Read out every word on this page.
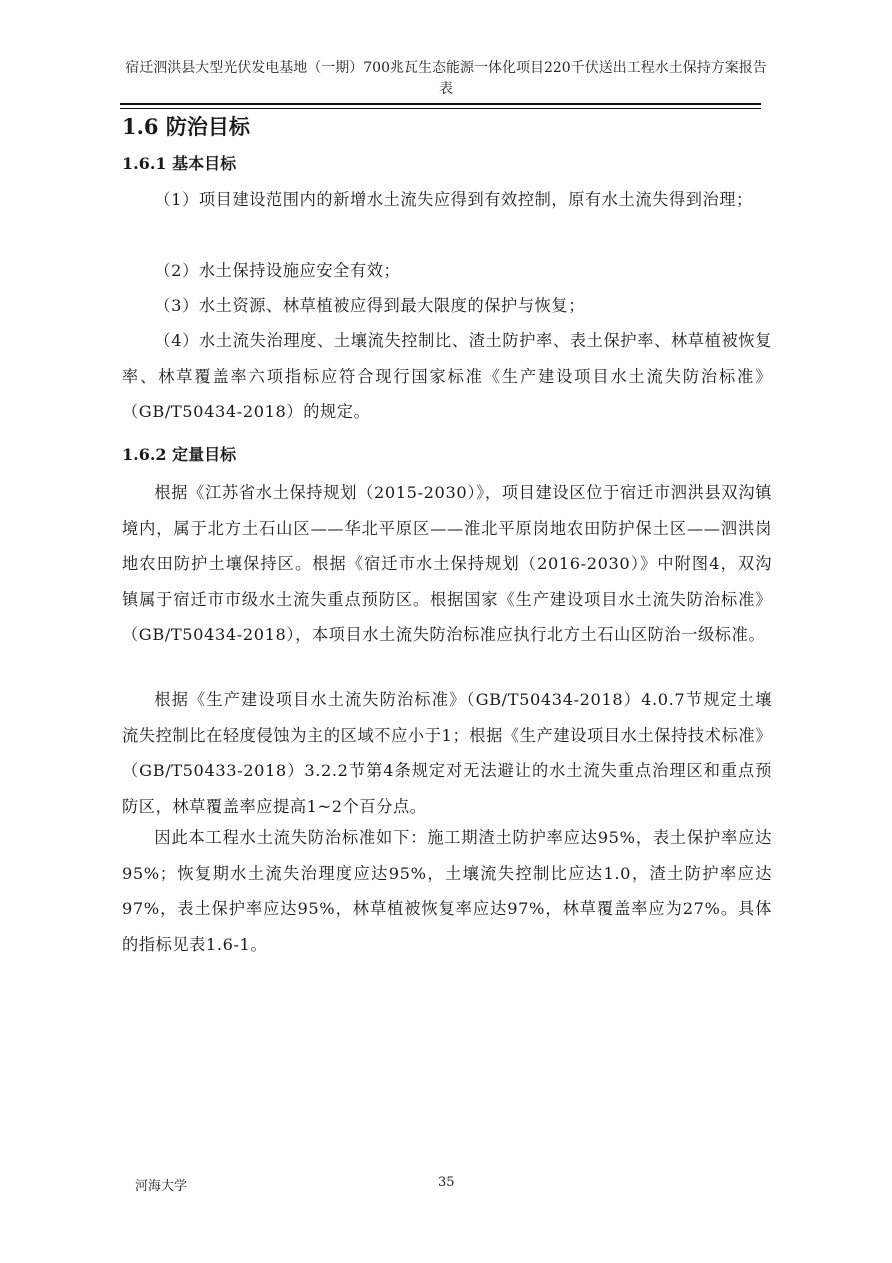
宿迁泗洪县大型光伏发电基地（一期）700兆瓦生态能源一体化项目220千伏送出工程水土保持方案报告表
1.6 防治目标
1.6.1 基本目标
（1）项目建设范围内的新增水土流失应得到有效控制，原有水土流失得到治理；
（2）水土保持设施应安全有效；
（3）水土资源、林草植被应得到最大限度的保护与恢复；
（4）水土流失治理度、土壤流失控制比、渣土防护率、表土保护率、林草植被恢复率、林草覆盖率六项指标应符合现行国家标准《生产建设项目水土流失防治标准》（GB/T50434-2018）的规定。
1.6.2 定量目标
根据《江苏省水土保持规划（2015-2030）》，项目建设区位于宿迁市泗洪县双沟镇境内，属于北方土石山区——华北平原区——淮北平原岗地农田防护保土区——泗洪岗地农田防护土壤保持区。根据《宿迁市水土保持规划（2016-2030）》中附图4，双沟镇属于宿迁市市级水土流失重点预防区。根据国家《生产建设项目水土流失防治标准》（GB/T50434-2018），本项目水土流失防治标准应执行北方土石山区防治一级标准。
根据《生产建设项目水土流失防治标准》（GB/T50434-2018）4.0.7节规定土壤流失控制比在轻度侵蚀为主的区域不应小于1；根据《生产建设项目水土保持技术标准》（GB/T50433-2018）3.2.2节第4条规定对无法避让的水土流失重点治理区和重点预防区，林草覆盖率应提高1~2个百分点。
因此本工程水土流失防治标准如下：施工期渣土防护率应达95%，表土保护率应达95%；恢复期水土流失治理度应达95%，土壤流失控制比应达1.0，渣土防护率应达97%，表土保护率应达95%，林草植被恢复率应达97%，林草覆盖率应为27%。具体的指标见表1.6-1。
河海大学	35
